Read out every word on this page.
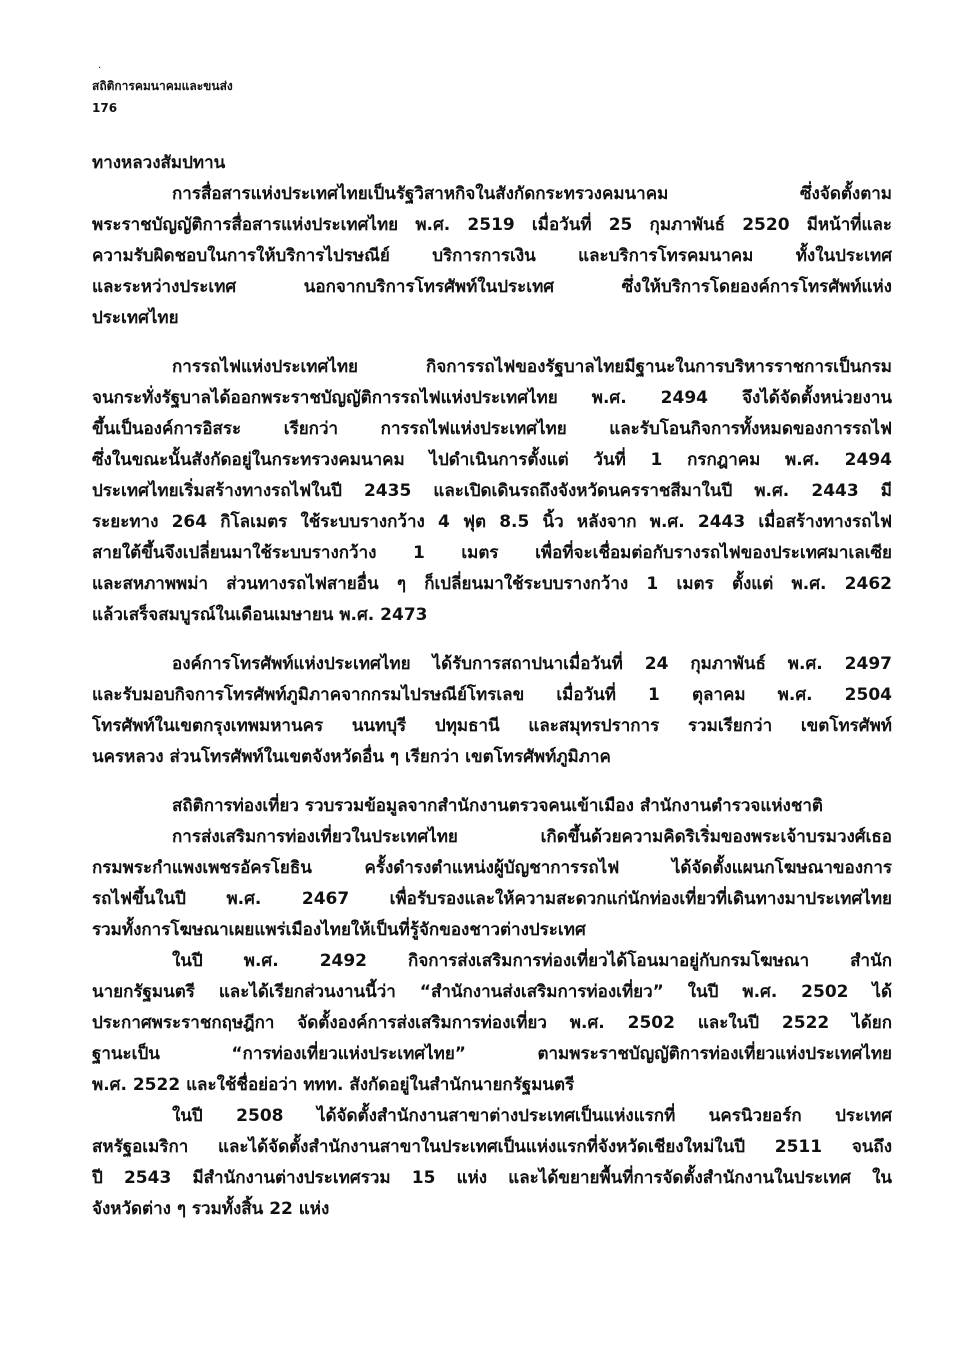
·
สถิติการคมนาคมและขนส่ง
176
ทางหลวงสัมปทาน
การสื่อสารแห่งประเทศไทยเป็นรัฐวิสาหกิจในสังกัดกระทรวงคมนาคม ซึ่งจัดตั้งตาม
พระราชบัญญัติการสื่อสารแห่งประเทศไทย พ.ศ. 2519 เมื่อวันที่ 25 กุมภาพันธ์ 2520 มีหน้าที่และ
ความรับผิดชอบในการให้บริการไปรษณีย์ บริการการเงิน และบริการโทรคมนาคม ทั้งในประเทศ
และระหว่างประเทศ นอกจากบริการโทรศัพท์ในประเทศ ซึ่งให้บริการโดยองค์การโทรศัพท์แห่ง
ประเทศไทย
การรถไฟแห่งประเทศไทย กิจการรถไฟของรัฐบาลไทยมีฐานะในการบริหารราชการเป็นกรม
จนกระทั่งรัฐบาลได้ออกพระราชบัญญัติการรถไฟแห่งประเทศไทย พ.ศ. 2494 จึงได้จัดตั้งหน่วยงาน
ขึ้นเป็นองค์การอิสระ เรียกว่า การรถไฟแห่งประเทศไทย และรับโอนกิจการทั้งหมดของการรถไฟ
ซึ่งในขณะนั้นสังกัดอยู่ในกระทรวงคมนาคม ไปดำเนินการตั้งแต่ วันที่ 1 กรกฎาคม พ.ศ. 2494
ประเทศไทยเริ่มสร้างทางรถไฟในปี 2435 และเปิดเดินรถถึงจังหวัดนครราชสีมาในปี พ.ศ. 2443 มี
ระยะทาง 264 กิโลเมตร ใช้ระบบรางกว้าง 4 ฟุต 8.5 นิ้ว หลังจาก พ.ศ. 2443 เมื่อสร้างทางรถไฟ
สายใต้ขึ้นจึงเปลี่ยนมาใช้ระบบรางกว้าง 1 เมตร เพื่อที่จะเชื่อมต่อกับรางรถไฟของประเทศมาเลเซีย
และสหภาพพม่า ส่วนทางรถไฟสายอื่น ๆ ก็เปลี่ยนมาใช้ระบบรางกว้าง 1 เมตร ตั้งแต่ พ.ศ. 2462
แล้วเสร็จสมบูรณ์ในเดือนเมษายน พ.ศ. 2473
องค์การโทรศัพท์แห่งประเทศไทย ได้รับการสถาปนาเมื่อวันที่ 24 กุมภาพันธ์ พ.ศ. 2497
และรับมอบกิจการโทรศัพท์ภูมิภาคจากกรมไปรษณีย์โทรเลข เมื่อวันที่ 1 ตุลาคม พ.ศ. 2504
โทรศัพท์ในเขตกรุงเทพมหานคร นนทบุรี ปทุมธานี และสมุทรปราการ รวมเรียกว่า เขตโทรศัพท์
นครหลวง ส่วนโทรศัพท์ในเขตจังหวัดอื่น ๆ เรียกว่า เขตโทรศัพท์ภูมิภาค
สถิติการท่องเที่ยว รวบรวมข้อมูลจากสำนักงานตรวจคนเข้าเมือง สำนักงานตำรวจแห่งชาติ
การส่งเสริมการท่องเที่ยวในประเทศไทย เกิดขึ้นด้วยความคิดริเริ่มของพระเจ้าบรมวงศ์เธอ
กรมพระกำแพงเพชรอัครโยธิน ครั้งดำรงตำแหน่งผู้บัญชาการรถไฟ ได้จัดตั้งแผนกโฆษณาของการ
รถไฟขึ้นในปี พ.ศ. 2467 เพื่อรับรองและให้ความสะดวกแก่นักท่องเที่ยวที่เดินทางมาประเทศไทย
รวมทั้งการโฆษณาเผยแพร่เมืองไทยให้เป็นที่รู้จักของชาวต่างประเทศ
ในปี พ.ศ. 2492 กิจการส่งเสริมการท่องเที่ยวได้โอนมาอยู่กับกรมโฆษณา สำนัก
นายกรัฐมนตรี และได้เรียกส่วนงานนี้ว่า “สำนักงานส่งเสริมการท่องเที่ยว” ในปี พ.ศ. 2502 ได้
ประกาศพระราชกฤษฎีกา จัดตั้งองค์การส่งเสริมการท่องเที่ยว พ.ศ. 2502 และในปี 2522 ได้ยก
ฐานะเป็น “การท่องเที่ยวแห่งประเทศไทย” ตามพระราชบัญญัติการท่องเที่ยวแห่งประเทศไทย
พ.ศ. 2522 และใช้ชื่อย่อว่า ททท. สังกัดอยู่ในสำนักนายกรัฐมนตรี
ในปี 2508 ได้จัดตั้งสำนักงานสาขาต่างประเทศเป็นแห่งแรกที่ นครนิวยอร์ก ประเทศ
สหรัฐอเมริกา และได้จัดตั้งสำนักงานสาขาในประเทศเป็นแห่งแรกที่จังหวัดเชียงใหม่ในปี 2511 จนถึง
ปี 2543 มีสำนักงานต่างประเทศรวม 15 แห่ง และได้ขยายพื้นที่การจัดตั้งสำนักงานในประเทศ ใน
จังหวัดต่าง ๆ รวมทั้งสิ้น 22 แห่ง
